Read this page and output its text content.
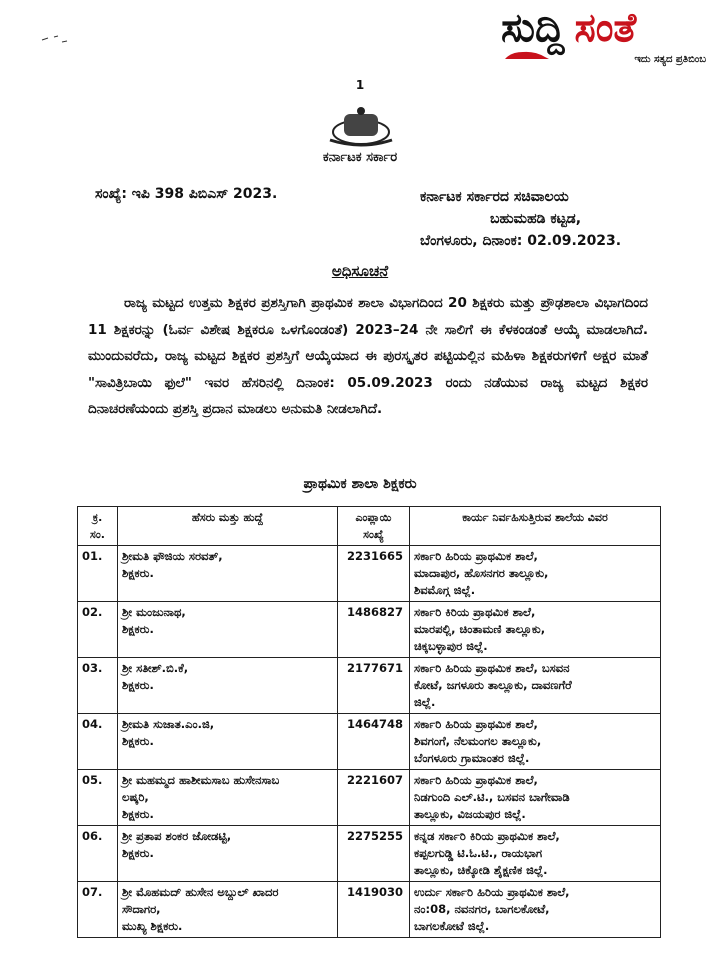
ಸುದ್ದಿ ಸಂತೆ
ಇದು ಸತ್ಯದ ಪ್ರತಿಬಿಂಬ
1
ಕರ್ನಾಟಕ ಸರ್ಕಾರ
ಸಂಖ್ಯೆ: ಇಪಿ 398 ಪಿಬಿಎಸ್ 2023.	ಕರ್ನಾಟಕ ಸರ್ಕಾರದ ಸಚಿವಾಲಯ
ಬಹುಮಹಡಿ ಕಟ್ಟಡ,
ಬೆಂಗಳೂರು, ದಿನಾಂಕ: 02.09.2023.
ಅಧಿಸೂಚನೆ
ರಾಜ್ಯ ಮಟ್ಟದ ಉತ್ತಮ ಶಿಕ್ಷಕರ ಪ್ರಶಸ್ತಿಗಾಗಿ ಪ್ರಾಥಮಿಕ ಶಾಲಾ ವಿಭಾಗದಿಂದ 20 ಶಿಕ್ಷಕರು ಮತ್ತು ಪ್ರೌಢಶಾಲಾ ವಿಭಾಗದಿಂದ 11 ಶಿಕ್ಷಕರನ್ನು (ಓರ್ವ ವಿಶೇಷ ಶಿಕ್ಷಕರೂ ಒಳಗೊಂಡಂತೆ) 2023–24 ನೇ ಸಾಲಿಗೆ ಈ ಕೆಳಕಂಡಂತೆ ಆಯ್ಕೆ ಮಾಡಲಾಗಿದೆ. ಮುಂದುವರೆದು, ರಾಜ್ಯ ಮಟ್ಟದ ಶಿಕ್ಷಕರ ಪ್ರಶಸ್ತಿಗೆ ಆಯ್ಕೆಯಾದ ಈ ಪುರಸ್ಕೃತರ ಪಟ್ಟಿಯಲ್ಲಿನ ಮಹಿಳಾ ಶಿಕ್ಷಕರುಗಳಿಗೆ ಅಕ್ಷರ ಮಾತೆ "ಸಾವಿತ್ರಿಬಾಯಿ ಫುಲೆ" ಇವರ ಹೆಸರಿನಲ್ಲಿ ದಿನಾಂಕ: 05.09.2023 ರಂದು ನಡೆಯುವ ರಾಜ್ಯ ಮಟ್ಟದ ಶಿಕ್ಷಕರ ದಿನಾಚರಣೆಯಂದು ಪ್ರಶಸ್ತಿ ಪ್ರದಾನ ಮಾಡಲು ಅನುಮತಿ ನೀಡಲಾಗಿದೆ.
ಪ್ರಾಥಮಿಕ ಶಾಲಾ ಶಿಕ್ಷಕರು
ಕ್ರ.
ಸಂ.	ಹೆಸರು ಮತ್ತು ಹುದ್ದೆ	ಎಂಪ್ಲಾಯಿ
ಸಂಖ್ಯೆ	ಕಾರ್ಯ ನಿರ್ವಹಿಸುತ್ತಿರುವ ಶಾಲೆಯ ವಿವರ
01.	ಶ್ರೀಮತಿ ಫೌಜಿಯ ಸರವತ್,
ಶಿಕ್ಷಕರು.	2231665	ಸರ್ಕಾರಿ ಹಿರಿಯ ಪ್ರಾಥಮಿಕ ಶಾಲೆ,
ಮಾದಾಪುರ, ಹೊಸನಗರ ತಾಲ್ಲೂಕು,
ಶಿವಮೊಗ್ಗ ಜಿಲ್ಲೆ.
02.	ಶ್ರೀ ಮಂಜುನಾಥ,
ಶಿಕ್ಷಕರು.	1486827	ಸರ್ಕಾರಿ ಕಿರಿಯ ಪ್ರಾಥಮಿಕ ಶಾಲೆ,
ಮಾರಪಲ್ಲಿ, ಚಿಂತಾಮಣಿ ತಾಲ್ಲೂಕು,
ಚಿಕ್ಕಬಳ್ಳಾಪುರ ಜಿಲ್ಲೆ.
03.	ಶ್ರೀ ಸತೀಶ್.ಬಿ.ಕೆ,
ಶಿಕ್ಷಕರು.	2177671	ಸರ್ಕಾರಿ ಹಿರಿಯ ಪ್ರಾಥಮಿಕ ಶಾಲೆ, ಬಸವನ
ಕೋಟೆ, ಜಗಳೂರು ತಾಲ್ಲೂಕು, ದಾವಣಗೆರೆ
ಜಿಲ್ಲೆ.
04.	ಶ್ರೀಮತಿ ಸುಜಾತ.ಎಂ.ಜಿ,
ಶಿಕ್ಷಕರು.	1464748	ಸರ್ಕಾರಿ ಹಿರಿಯ ಪ್ರಾಥಮಿಕ ಶಾಲೆ,
ಶಿವಗಂಗೆ, ನೆಲಮಂಗಲ ತಾಲ್ಲೂಕು,
ಬೆಂಗಳೂರು ಗ್ರಾಮಾಂತರ ಜಿಲ್ಲೆ.
05.	ಶ್ರೀ ಮಹಮ್ಮದ ಹಾಶೀಮಸಾಬ ಹುಸೇನಸಾಬ
ಲಷ್ಕರಿ,
ಶಿಕ್ಷಕರು.	2221607	ಸರ್ಕಾರಿ ಹಿರಿಯ ಪ್ರಾಥಮಿಕ ಶಾಲೆ,
ನಿಡಗುಂದಿ ಎಲ್.ಟಿ., ಬಸವನ ಬಾಗೇವಾಡಿ
ತಾಲ್ಲೂಕು, ವಿಜಯಪುರ ಜಿಲ್ಲೆ.
06.	ಶ್ರೀ ಪ್ರತಾಪ ಶಂಕರ ಜೋಡಟ್ಟಿ,
ಶಿಕ್ಷಕರು.	2275255	ಕನ್ನಡ ಸರ್ಕಾರಿ ಕಿರಿಯ ಪ್ರಾಥಮಿಕ ಶಾಲೆ,
ಕಪ್ಪಲಗುಡ್ಡಿ ಟಿ.ಓ.ಟಿ., ರಾಯಭಾಗ
ತಾಲ್ಲೂಕು, ಚಿಕ್ಕೋಡಿ ಶೈಕ್ಷಣಿಕ ಜಿಲ್ಲೆ.
07.	ಶ್ರೀ ಮೊಹಮದ್ ಹುಸೇನ ಅಬ್ದುಲ್ ಖಾದರ
ಸೌದಾಗರ,
ಮುಖ್ಯ ಶಿಕ್ಷಕರು.	1419030	ಉರ್ದು ಸರ್ಕಾರಿ ಹಿರಿಯ ಪ್ರಾಥಮಿಕ ಶಾಲೆ,
ನಂ:08, ನವನಗರ, ಬಾಗಲಕೋಟೆ,
ಬಾಗಲಕೋಟೆ ಜಿಲ್ಲೆ.
